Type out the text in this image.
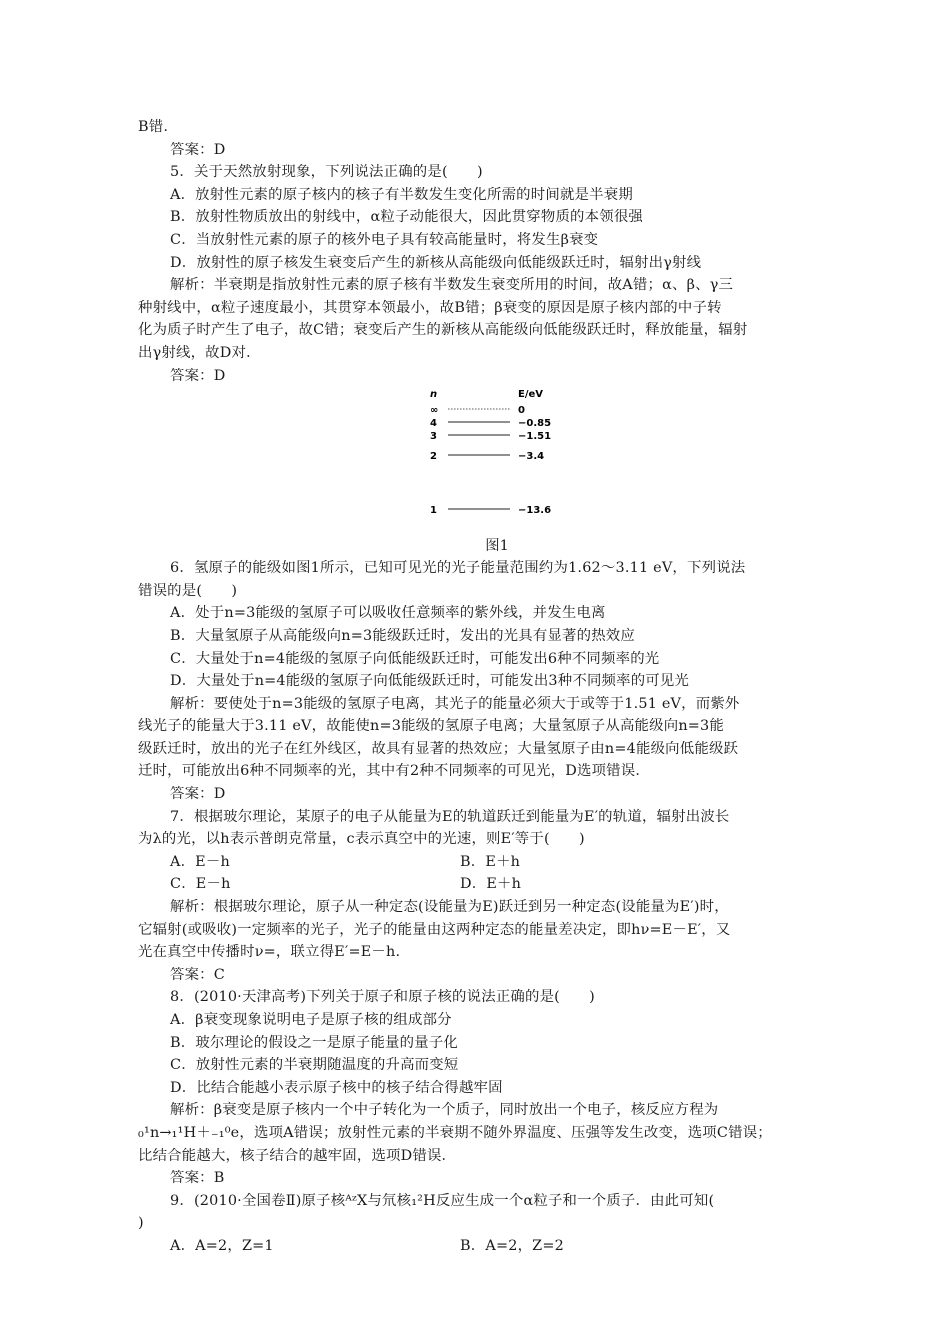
B错.
答案：D
5．关于天然放射现象，下列说法正确的是(　　)
A．放射性元素的原子核内的核子有半数发生变化所需的时间就是半衰期
B．放射性物质放出的射线中，α粒子动能很大，因此贯穿物质的本领很强
C．当放射性元素的原子的核外电子具有较高能量时，将发生β衰变
D．放射性的原子核发生衰变后产生的新核从高能级向低能级跃迁时，辐射出γ射线
解析：半衰期是指放射性元素的原子核有半数发生衰变所用的时间，故A错；α、β、γ三
种射线中，α粒子速度最小，其贯穿本领最小，故B错；β衰变的原因是原子核内部的中子转
化为质子时产生了电子，故C错；衰变后产生的新核从高能级向低能级跃迁时，释放能量，辐射
出γ射线，故D对．
答案：D
n	E/eV
∞	0
4	−0.85
3	−1.51
2	−3.4
1	−13.6
图1
6．氢原子的能级如图1所示，已知可见光的光子能量范围约为1.62～3.11 eV，下列说法
错误的是(　　)
A．处于n=3能级的氢原子可以吸收任意频率的紫外线，并发生电离
B．大量氢原子从高能级向n=3能级跃迁时，发出的光具有显著的热效应
C．大量处于n=4能级的氢原子向低能级跃迁时，可能发出6种不同频率的光
D．大量处于n=4能级的氢原子向低能级跃迁时，可能发出3种不同频率的可见光
解析：要使处于n=3能级的氢原子电离，其光子的能量必须大于或等于1.51 eV，而紫外
线光子的能量大于3.11 eV，故能使n=3能级的氢原子电离；大量氢原子从高能级向n=3能
级跃迁时，放出的光子在红外线区，故具有显著的热效应；大量氢原子由n=4能级向低能级跃
迁时，可能放出6种不同频率的光，其中有2种不同频率的可见光，D选项错误．
答案：D
7．根据玻尔理论，某原子的电子从能量为E的轨道跃迁到能量为E′的轨道，辐射出波长
为λ的光，以h表示普朗克常量，c表示真空中的光速，则E′等于(　　)
A．E－h	B．E＋h
C．E－h	D．E＋h
解析：根据玻尔理论，原子从一种定态(设能量为E)跃迁到另一种定态(设能量为E′)时，
它辐射(或吸收)一定频率的光子，光子的能量由这两种定态的能量差决定，即hν=E－E′，又
光在真空中传播时ν=，联立得E′=E－h.
答案：C
8．(2010·天津高考)下列关于原子和原子核的说法正确的是(　　)
A．β衰变现象说明电子是原子核的组成部分
B．玻尔理论的假设之一是原子能量的量子化
C．放射性元素的半衰期随温度的升高而变短
D．比结合能越小表示原子核中的核子结合得越牢固
解析：β衰变是原子核内一个中子转化为一个质子，同时放出一个电子，核反应方程为
₀¹n→₁¹H＋₋₁⁰e，选项A错误；放射性元素的半衰期不随外界温度、压强等发生改变，选项C错误；
比结合能越大，核子结合的越牢固，选项D错误．
答案：B
9．(2010·全国卷Ⅱ)原子核ᴬᶻX与氘核₁²H反应生成一个α粒子和一个质子．由此可知(
)
A．A=2，Z=1	B．A=2，Z=2
